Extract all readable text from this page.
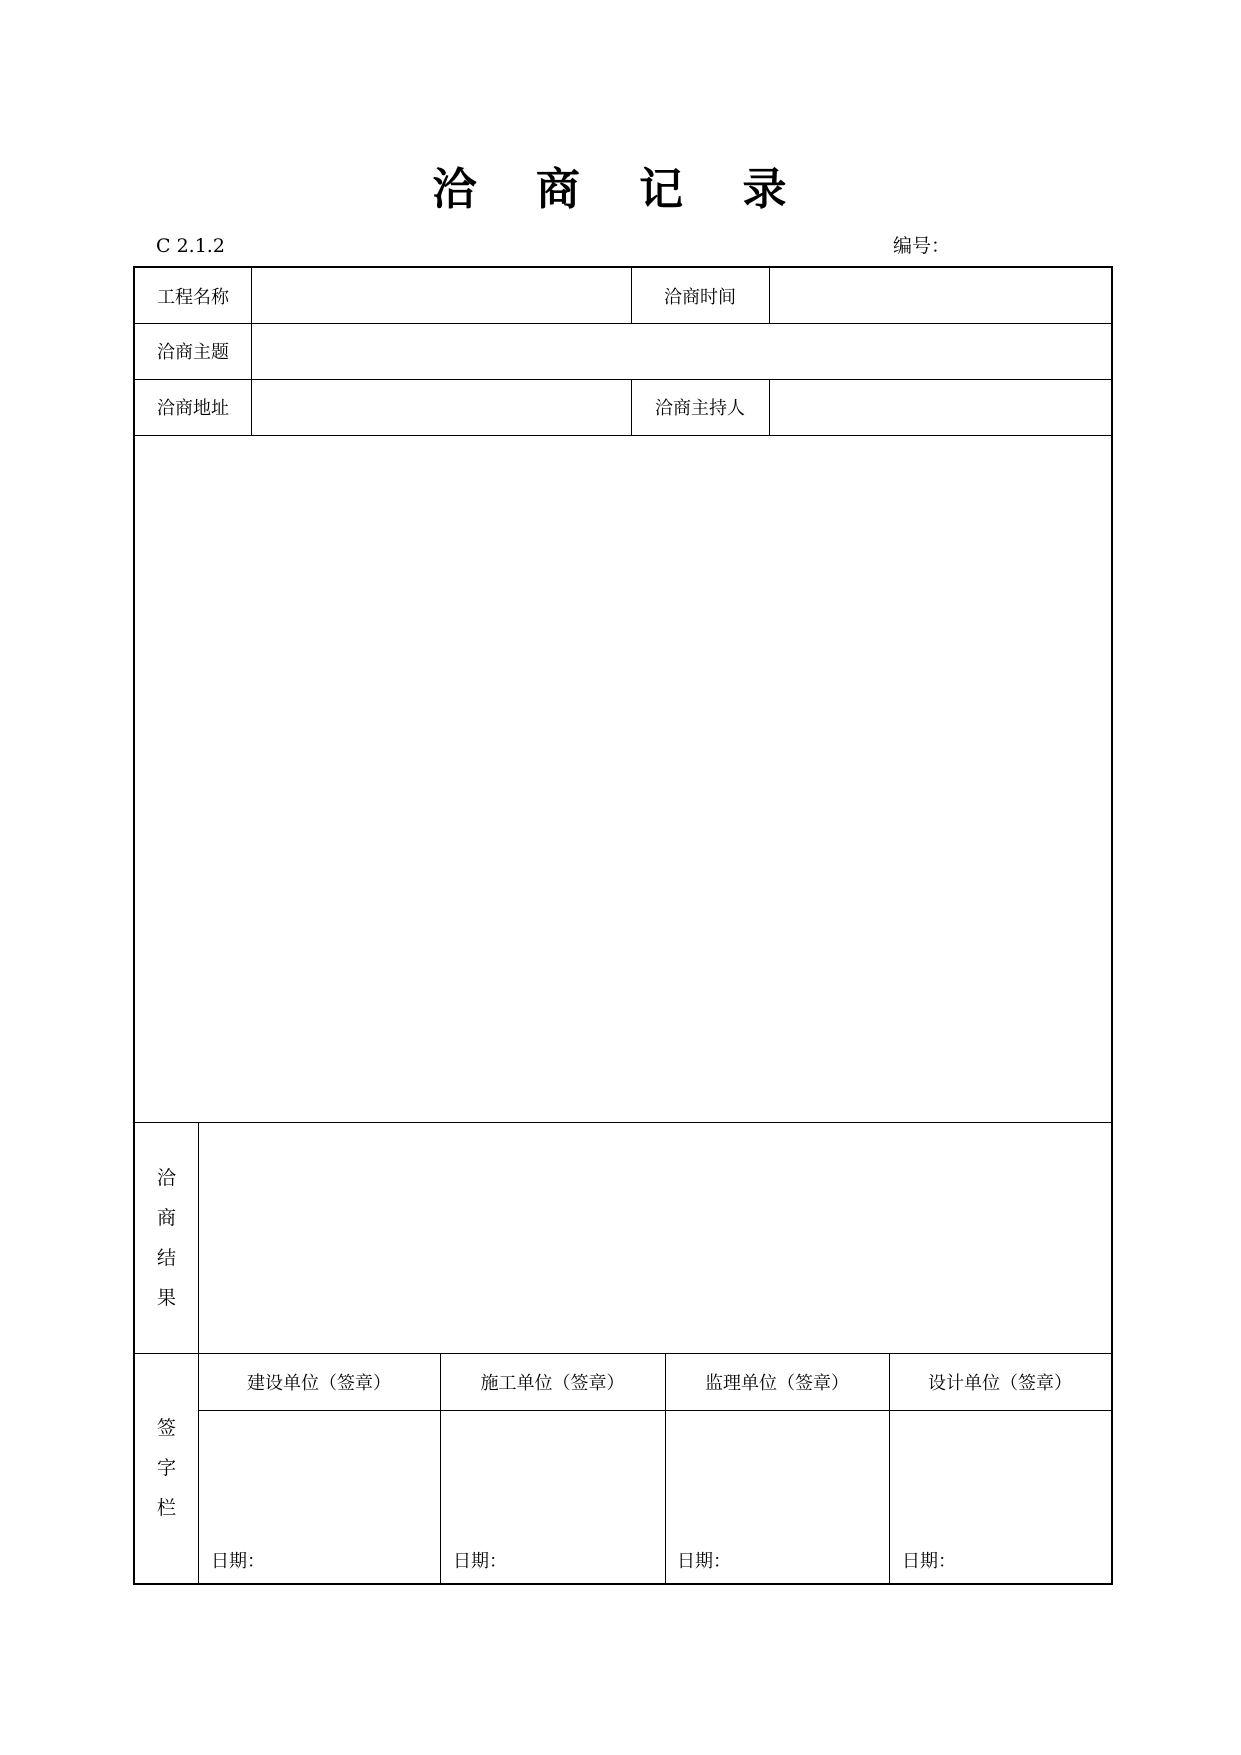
洽 商 记 录
C 2.1.2	编号：
工程名称	洽商时间
洽商主题
洽商地址	洽商主持人
洽
商
结
果
签
字
栏
建设单位（签章）	施工单位（签章）	监理单位（签章）	设计单位（签章）
日期：	日期：	日期：	日期：
